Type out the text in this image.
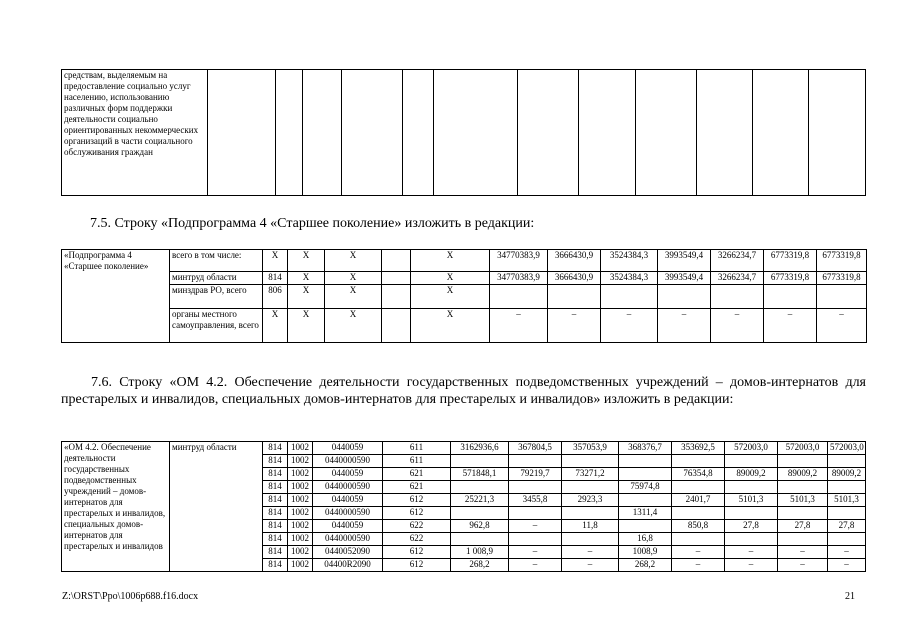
средствам, выделяемым на предоставление социально услуг населению, использованию различных форм поддержки деятельности социально ориентированных некоммерческих организаций в части социального обслуживания граждан												
7.5. Строку «Подпрограмма 4 «Старшее поколение» изложить в редакции:
«Подпрограмма 4 «Старшее поколение»	всего в том числе:	X	X	X		X	34770383,9	3666430,9	3524384,3	3993549,4	3266234,7	6773319,8	6773319,8	
	минтруд области	814	X	X		X	34770383,9	3666430,9	3524384,3	3993549,4	3266234,7	6773319,8	6773319,8	
	минздрав РО, всего	806	X	X		X								
	органы местного самоуправления, всего	X	X	X		X	–	–	–	–	–	–	–	
7.6. Строку «ОМ 4.2. Обеспечение деятельности государственных подведомственных учреждений – домов-интернатов для престарелых и инвалидов, специальных домов-интернатов для престарелых и инвалидов» изложить в редакции:
«ОМ 4.2. Обеспечение деятельности государственных подведомственных учреждений – домов-интернатов для престарелых и инвалидов, специальных домов-интернатов для престарелых и инвалидов	минтруд области	814	1002	0440059	611	3162936,6	367804,5	357053,9	368376,7	353692,5	572003,0	572003,0	572003,0
		814	1002	0440000590	611								
		814	1002	0440059	621	571848,1	79219,7	73271,2		76354,8	89009,2	89009,2	89009,2
		814	1002	0440000590	621				75974,8				
		814	1002	0440059	612	25221,3	3455,8	2923,3		2401,7	5101,3	5101,3	5101,3
		814	1002	0440000590	612				1311,4				
		814	1002	0440059	622	962,8	–	11,8		850,8	27,8	27,8	27,8
		814	1002	0440000590	622				16,8				
		814	1002	0440052090	612	1 008,9	–	–	1008,9	–	–	–	–
		814	1002	04400R2090	612	268,2	–	–	268,2	–	–	–	–
Z:\ORST\Ppo\1006p688.f16.docx	21
